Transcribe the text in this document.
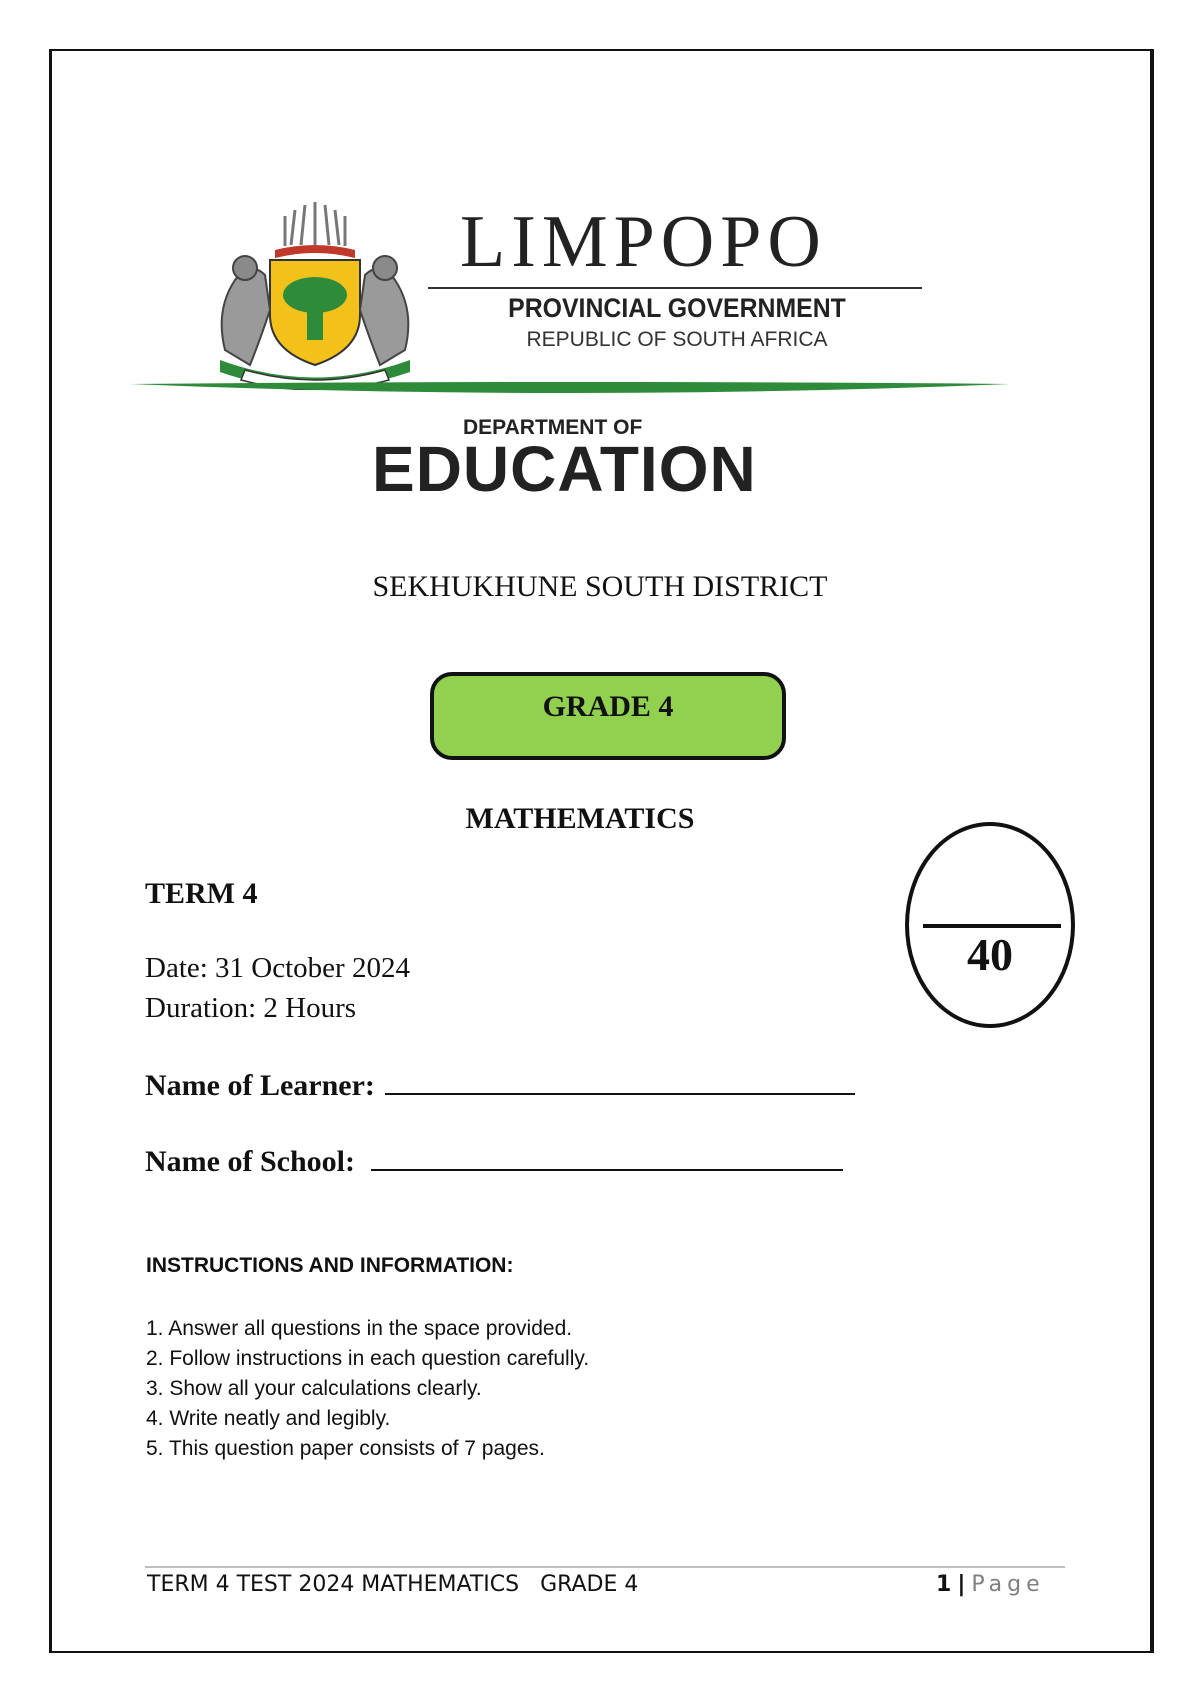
LIMPOPO
PROVINCIAL GOVERNMENT
REPUBLIC OF SOUTH AFRICA
DEPARTMENT OF
EDUCATION
SEKHUKHUNE SOUTH DISTRICT
GRADE 4
MATHEMATICS
TERM 4
Date: 31 October 2024
Duration: 2 Hours
40
Name of Learner:
Name of School:
INSTRUCTIONS AND INFORMATION:
1. Answer all questions in the space provided.
2. Follow instructions in each question carefully.
3. Show all your calculations clearly.
4. Write neatly and legibly.
5. This question paper consists of 7 pages.
TERM 4 TEST 2024 MATHEMATICS   GRADE 4	1 | Page
